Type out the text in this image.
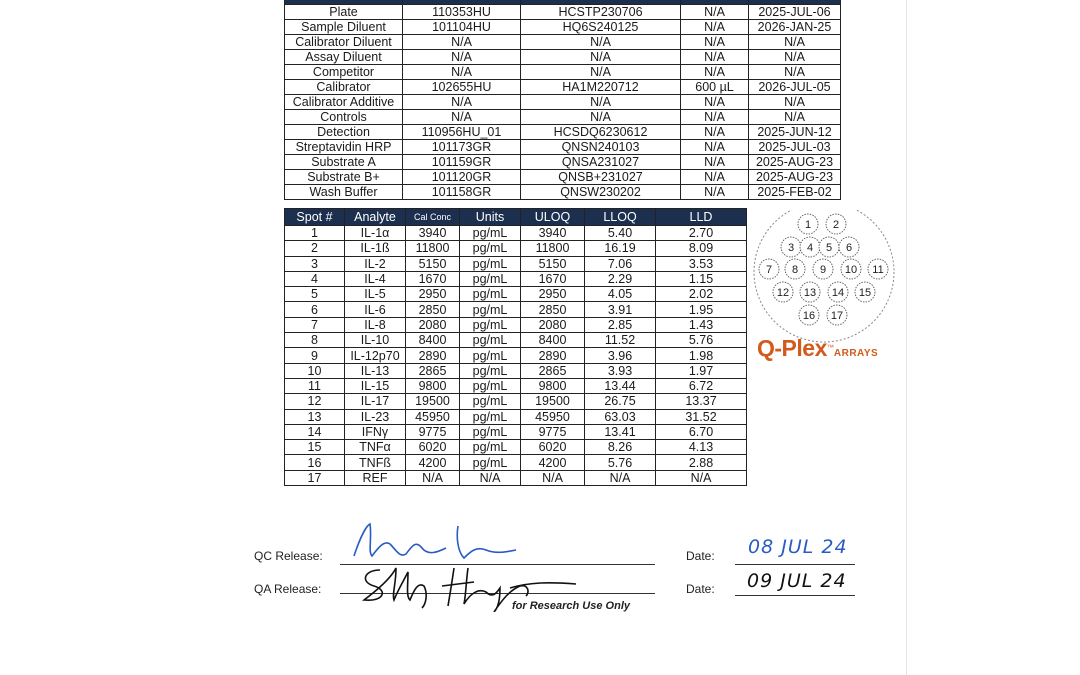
Plate	110353HU	HCSTP230706	N/A	2025-JUL-06
Sample Diluent	101104HU	HQ6S240125	N/A	2026-JAN-25
Calibrator Diluent	N/A	N/A	N/A	N/A
Assay Diluent	N/A	N/A	N/A	N/A
Competitor	N/A	N/A	N/A	N/A
Calibrator	102655HU	HA1M220712	600 µL	2026-JUL-05
Calibrator Additive	N/A	N/A	N/A	N/A
Controls	N/A	N/A	N/A	N/A
Detection	110956HU_01	HCSDQ6230612	N/A	2025-JUN-12
Streptavidin HRP	101173GR	QNSN240103	N/A	2025-JUL-03
Substrate A	101159GR	QNSA231027	N/A	2025-AUG-23
Substrate B+	101120GR	QNSB+231027	N/A	2025-AUG-23
Wash Buffer	101158GR	QNSW230202	N/A	2025-FEB-02
Spot #	Analyte	Cal Conc	Units	ULOQ	LLOQ	LLD
1	IL-1α	3940	pg/mL	3940	5.40	2.70
2	IL-1ß	11800	pg/mL	11800	16.19	8.09
3	IL-2	5150	pg/mL	5150	7.06	3.53
4	IL-4	1670	pg/mL	1670	2.29	1.15
5	IL-5	2950	pg/mL	2950	4.05	2.02
6	IL-6	2850	pg/mL	2850	3.91	1.95
7	IL-8	2080	pg/mL	2080	2.85	1.43
8	IL-10	8400	pg/mL	8400	11.52	5.76
9	IL-12p70	2890	pg/mL	2890	3.96	1.98
10	IL-13	2865	pg/mL	2865	3.93	1.97
11	IL-15	9800	pg/mL	9800	13.44	6.72
12	IL-17	19500	pg/mL	19500	26.75	13.37
13	IL-23	45950	pg/mL	45950	63.03	31.52
14	IFNγ	9775	pg/mL	9775	13.41	6.70
15	TNFα	6020	pg/mL	6020	8.26	4.13
16	TNFß	4200	pg/mL	4200	5.76	2.88
17	REF	N/A	N/A	N/A	N/A	N/A
1 2
3 4 5 6
7 8 9 10 11
12 13 14 15
16 17
Q-Plex™ARRAYS
QC Release:	Date: 08 JUL 24
QA Release:	Date: 09 JUL 24
for Research Use Only
